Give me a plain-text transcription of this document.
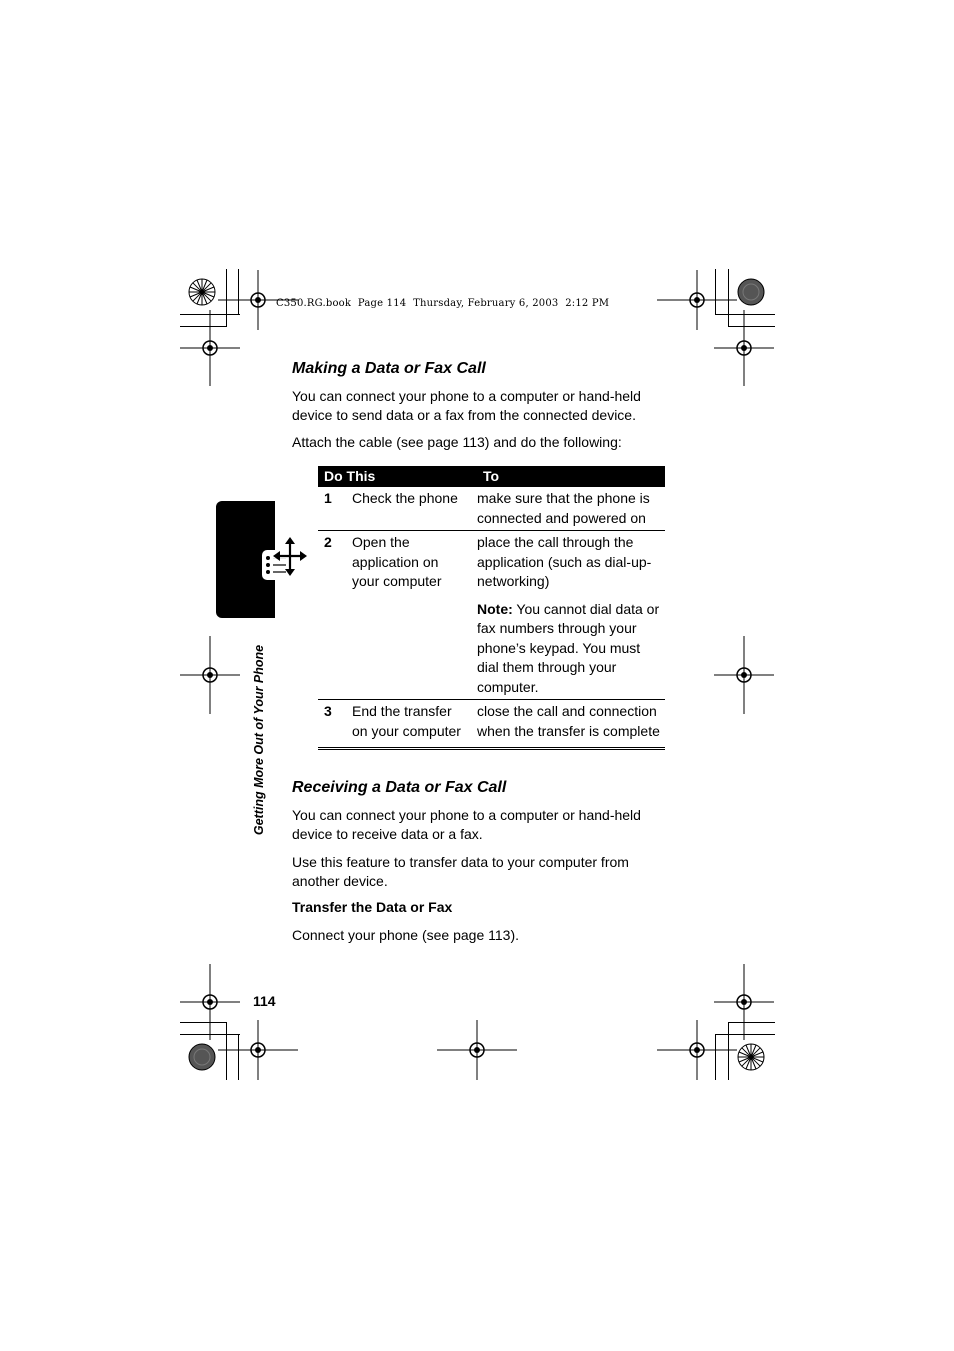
C350.RG.book  Page 114  Thursday, February 6, 2003  2:12 PM
Getting More Out of Your Phone
Making a Data or Fax Call
You can connect your phone to a computer or hand-held device to send data or a fax from the connected device.
Attach the cable (see page 113) and do the following:
Do This		To
1	Check the phone	make sure that the phone is connected and powered on
2	Open the application on your computer	place the call through the application (such as dial-up-networking)
Note: You cannot dial data or fax numbers through your phone’s keypad. You must dial them through your computer.

3	End the transfer on your computer	close the call and connection when the transfer is complete
Receiving a Data or Fax Call
You can connect your phone to a computer or hand-held device to receive data or a fax.
Use this feature to transfer data to your computer from another device.
Transfer the Data or Fax
Connect your phone (see page 113).
114
